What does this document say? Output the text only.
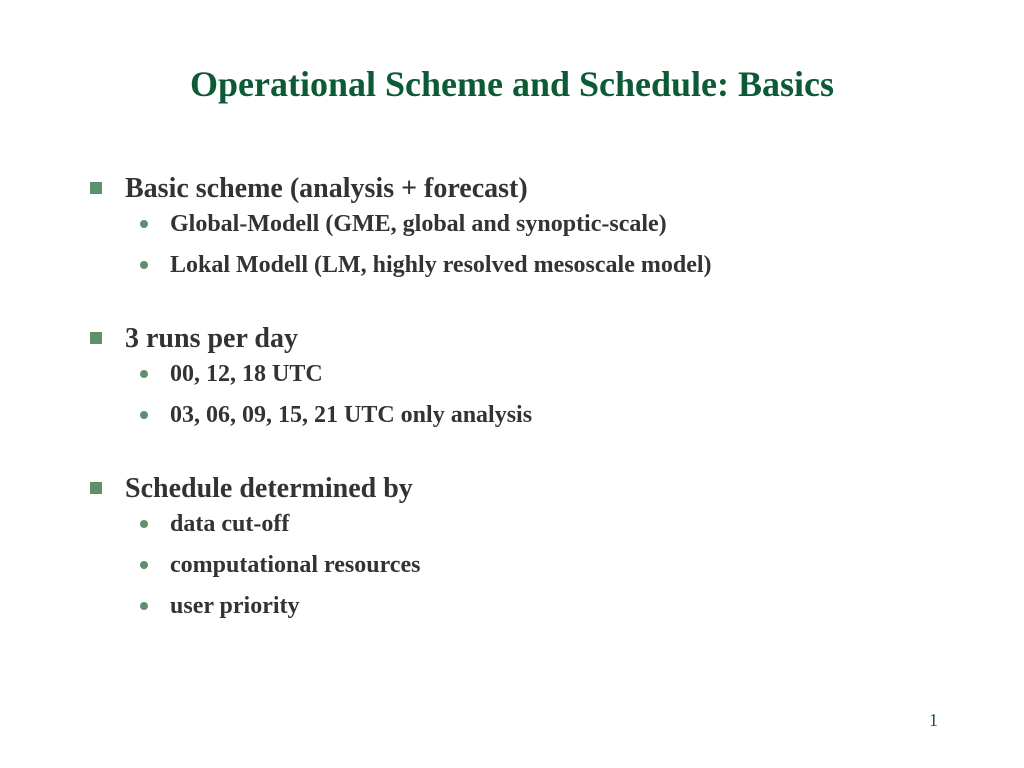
Operational Scheme and Schedule: Basics
Basic scheme (analysis + forecast)
Global-Modell (GME, global and synoptic-scale)
Lokal Modell (LM, highly resolved mesoscale model)
3 runs per day
00, 12, 18 UTC
03, 06, 09, 15, 21 UTC only analysis
Schedule determined by
data cut-off
computational resources
user priority
1
